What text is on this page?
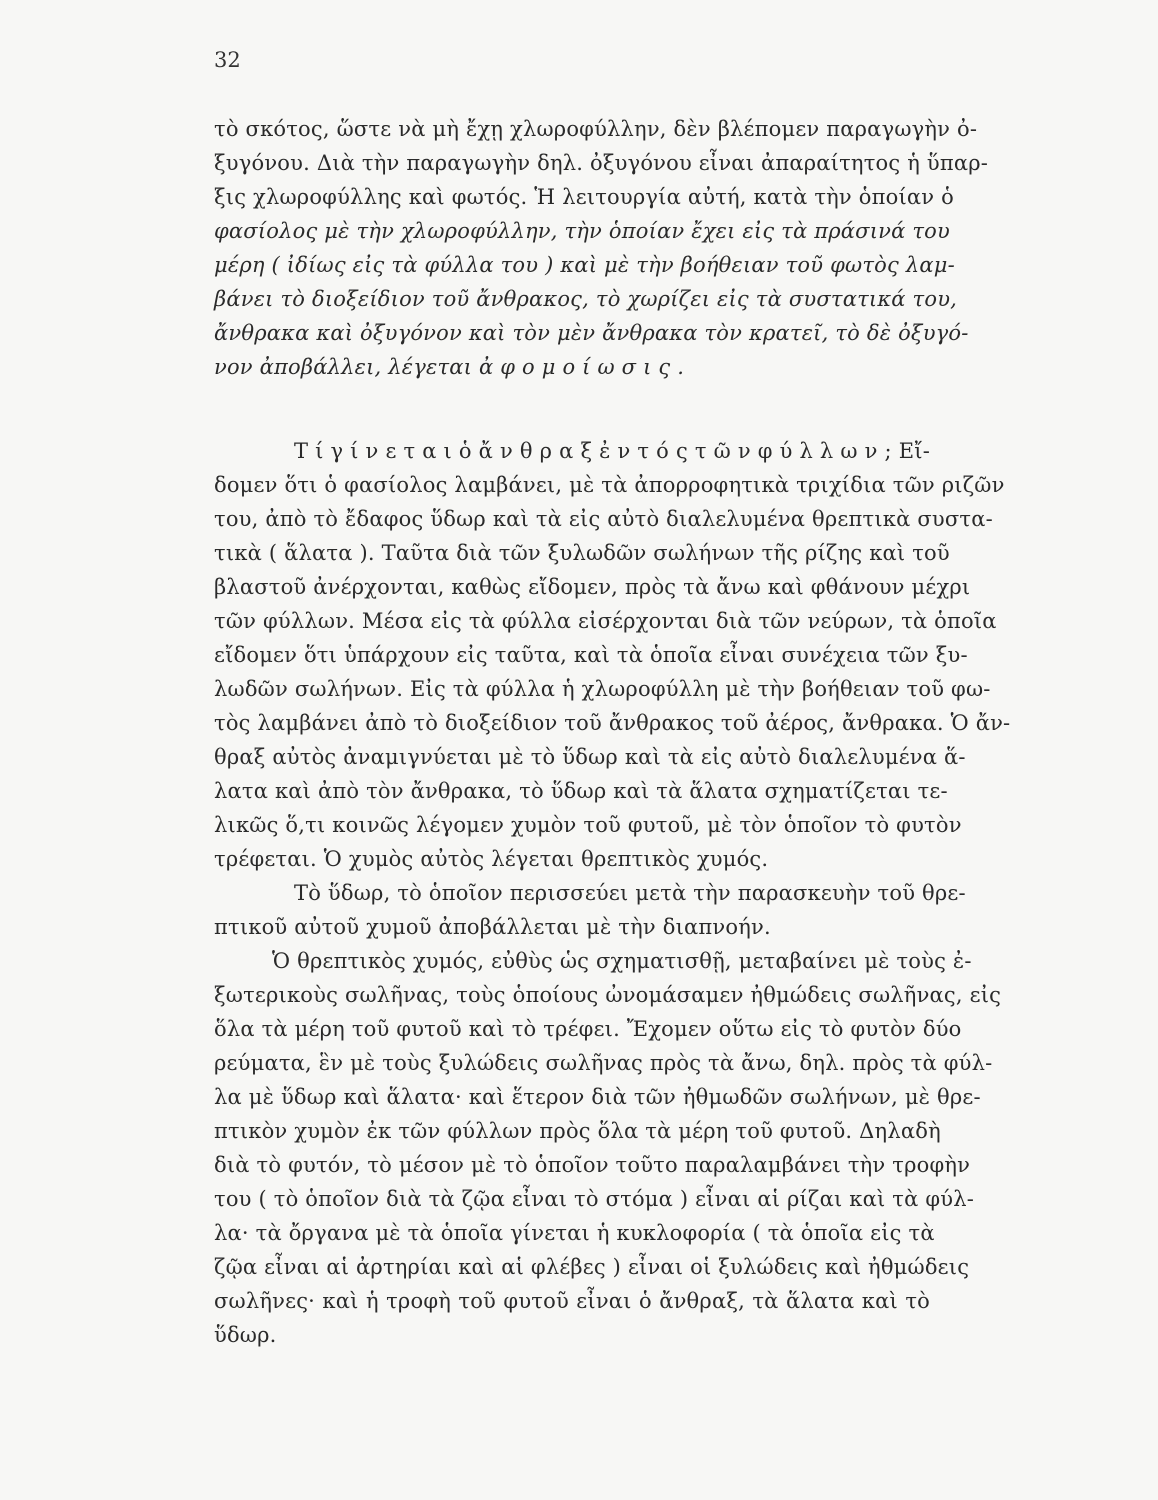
32
τὸ σκότος, ὥστε νὰ μὴ ἔχῃ χλωροφύλλην, δὲν βλέπομεν παραγωγὴν ὀ-
ξυγόνου. Διὰ τὴν παραγωγὴν δηλ. ὀξυγόνου εἶναι ἀπαραίτητος ἡ ὕπαρ-
ξις χλωροφύλλης καὶ φωτός. Ἡ λειτουργία αὐτή, κατὰ τὴν ὁποίαν ὁ
φασίολος μὲ τὴν χλωροφύλλην, τὴν ὁποίαν ἔχει εἰς τὰ πράσινά του
μέρη ( ἰδίως εἰς τὰ φύλλα του ) καὶ μὲ τὴν βοήθειαν τοῦ φωτὸς λαμ-
βάνει τὸ διοξείδιον τοῦ ἄνθρακος, τὸ χωρίζει εἰς τὰ συστατικά του,
ἄνθρακα καὶ ὀξυγόνον καὶ τὸν μὲν ἄνθρακα τὸν κρατεῖ, τὸ δὲ ὀξυγό-
νον ἀποβάλλει, λέγεται ἀ φ ο μ ο ί ω σ ι ς .
Τ ί γ ί ν ε τ α ι ὁ ἄ ν θ ρ α ξ ἐ ν τ ό ς τ ῶ ν φ ύ λ λ ω ν ; Εἴ-
δομεν ὅτι ὁ φασίολος λαμβάνει, μὲ τὰ ἀπορροφητικὰ τριχίδια τῶν ριζῶν
του, ἀπὸ τὸ ἔδαφος ὕδωρ καὶ τὰ εἰς αὐτὸ διαλελυμένα θρεπτικὰ συστα-
τικὰ ( ἅλατα ). Ταῦτα διὰ τῶν ξυλωδῶν σωλήνων τῆς ρίζης καὶ τοῦ
βλαστοῦ ἀνέρχονται, καθὼς εἴδομεν, πρὸς τὰ ἄνω καὶ φθάνουν μέχρι
τῶν φύλλων. Μέσα εἰς τὰ φύλλα εἰσέρχονται διὰ τῶν νεύρων, τὰ ὁποῖα
εἴδομεν ὅτι ὑπάρχουν εἰς ταῦτα, καὶ τὰ ὁποῖα εἶναι συνέχεια τῶν ξυ-
λωδῶν σωλήνων. Εἰς τὰ φύλλα ἡ χλωροφύλλη μὲ τὴν βοήθειαν τοῦ φω-
τὸς λαμβάνει ἀπὸ τὸ διοξείδιον τοῦ ἄνθρακος τοῦ ἀέρος, ἄνθρακα. Ὁ ἄν-
θραξ αὐτὸς ἀναμιγνύεται μὲ τὸ ὕδωρ καὶ τὰ εἰς αὐτὸ διαλελυμένα ἅ-
λατα καὶ ἀπὸ τὸν ἄνθρακα, τὸ ὕδωρ καὶ τὰ ἅλατα σχηματίζεται τε-
λικῶς ὅ,τι κοινῶς λέγομεν χυμὸν τοῦ φυτοῦ, μὲ τὸν ὁποῖον τὸ φυτὸν
τρέφεται. Ὁ χυμὸς αὐτὸς λέγεται θρεπτικὸς χυμός.
Τὸ ὕδωρ, τὸ ὁποῖον περισσεύει μετὰ τὴν παρασκευὴν τοῦ θρε-
πτικοῦ αὐτοῦ χυμοῦ ἀποβάλλεται μὲ τὴν διαπνοήν.
Ὁ θρεπτικὸς χυμός, εὐθὺς ὡς σχηματισθῇ, μεταβαίνει μὲ τοὺς ἐ-
ξωτερικοὺς σωλῆνας, τοὺς ὁποίους ὠνομάσαμεν ἠθμώδεις σωλῆνας, εἰς
ὅλα τὰ μέρη τοῦ φυτοῦ καὶ τὸ τρέφει. Ἔχομεν οὕτω εἰς τὸ φυτὸν δύο
ρεύματα, ἓν μὲ τοὺς ξυλώδεις σωλῆνας πρὸς τὰ ἄνω, δηλ. πρὸς τὰ φύλ-
λα μὲ ὕδωρ καὶ ἅλατα· καὶ ἕτερον διὰ τῶν ἠθμωδῶν σωλήνων, μὲ θρε-
πτικὸν χυμὸν ἐκ τῶν φύλλων πρὸς ὅλα τὰ μέρη τοῦ φυτοῦ. Δηλαδὴ
διὰ τὸ φυτόν, τὸ μέσον μὲ τὸ ὁποῖον τοῦτο παραλαμβάνει τὴν τροφὴν
του ( τὸ ὁποῖον διὰ τὰ ζῷα εἶναι τὸ στόμα ) εἶναι αἱ ρίζαι καὶ τὰ φύλ-
λα· τὰ ὄργανα μὲ τὰ ὁποῖα γίνεται ἡ κυκλοφορία ( τὰ ὁποῖα εἰς τὰ
ζῷα εἶναι αἱ ἀρτηρίαι καὶ αἱ φλέβες ) εἶναι οἱ ξυλώδεις καὶ ἠθμώδεις
σωλῆνες· καὶ ἡ τροφὴ τοῦ φυτοῦ εἶναι ὁ ἄνθραξ, τὰ ἅλατα καὶ τὸ
ὕδωρ.
